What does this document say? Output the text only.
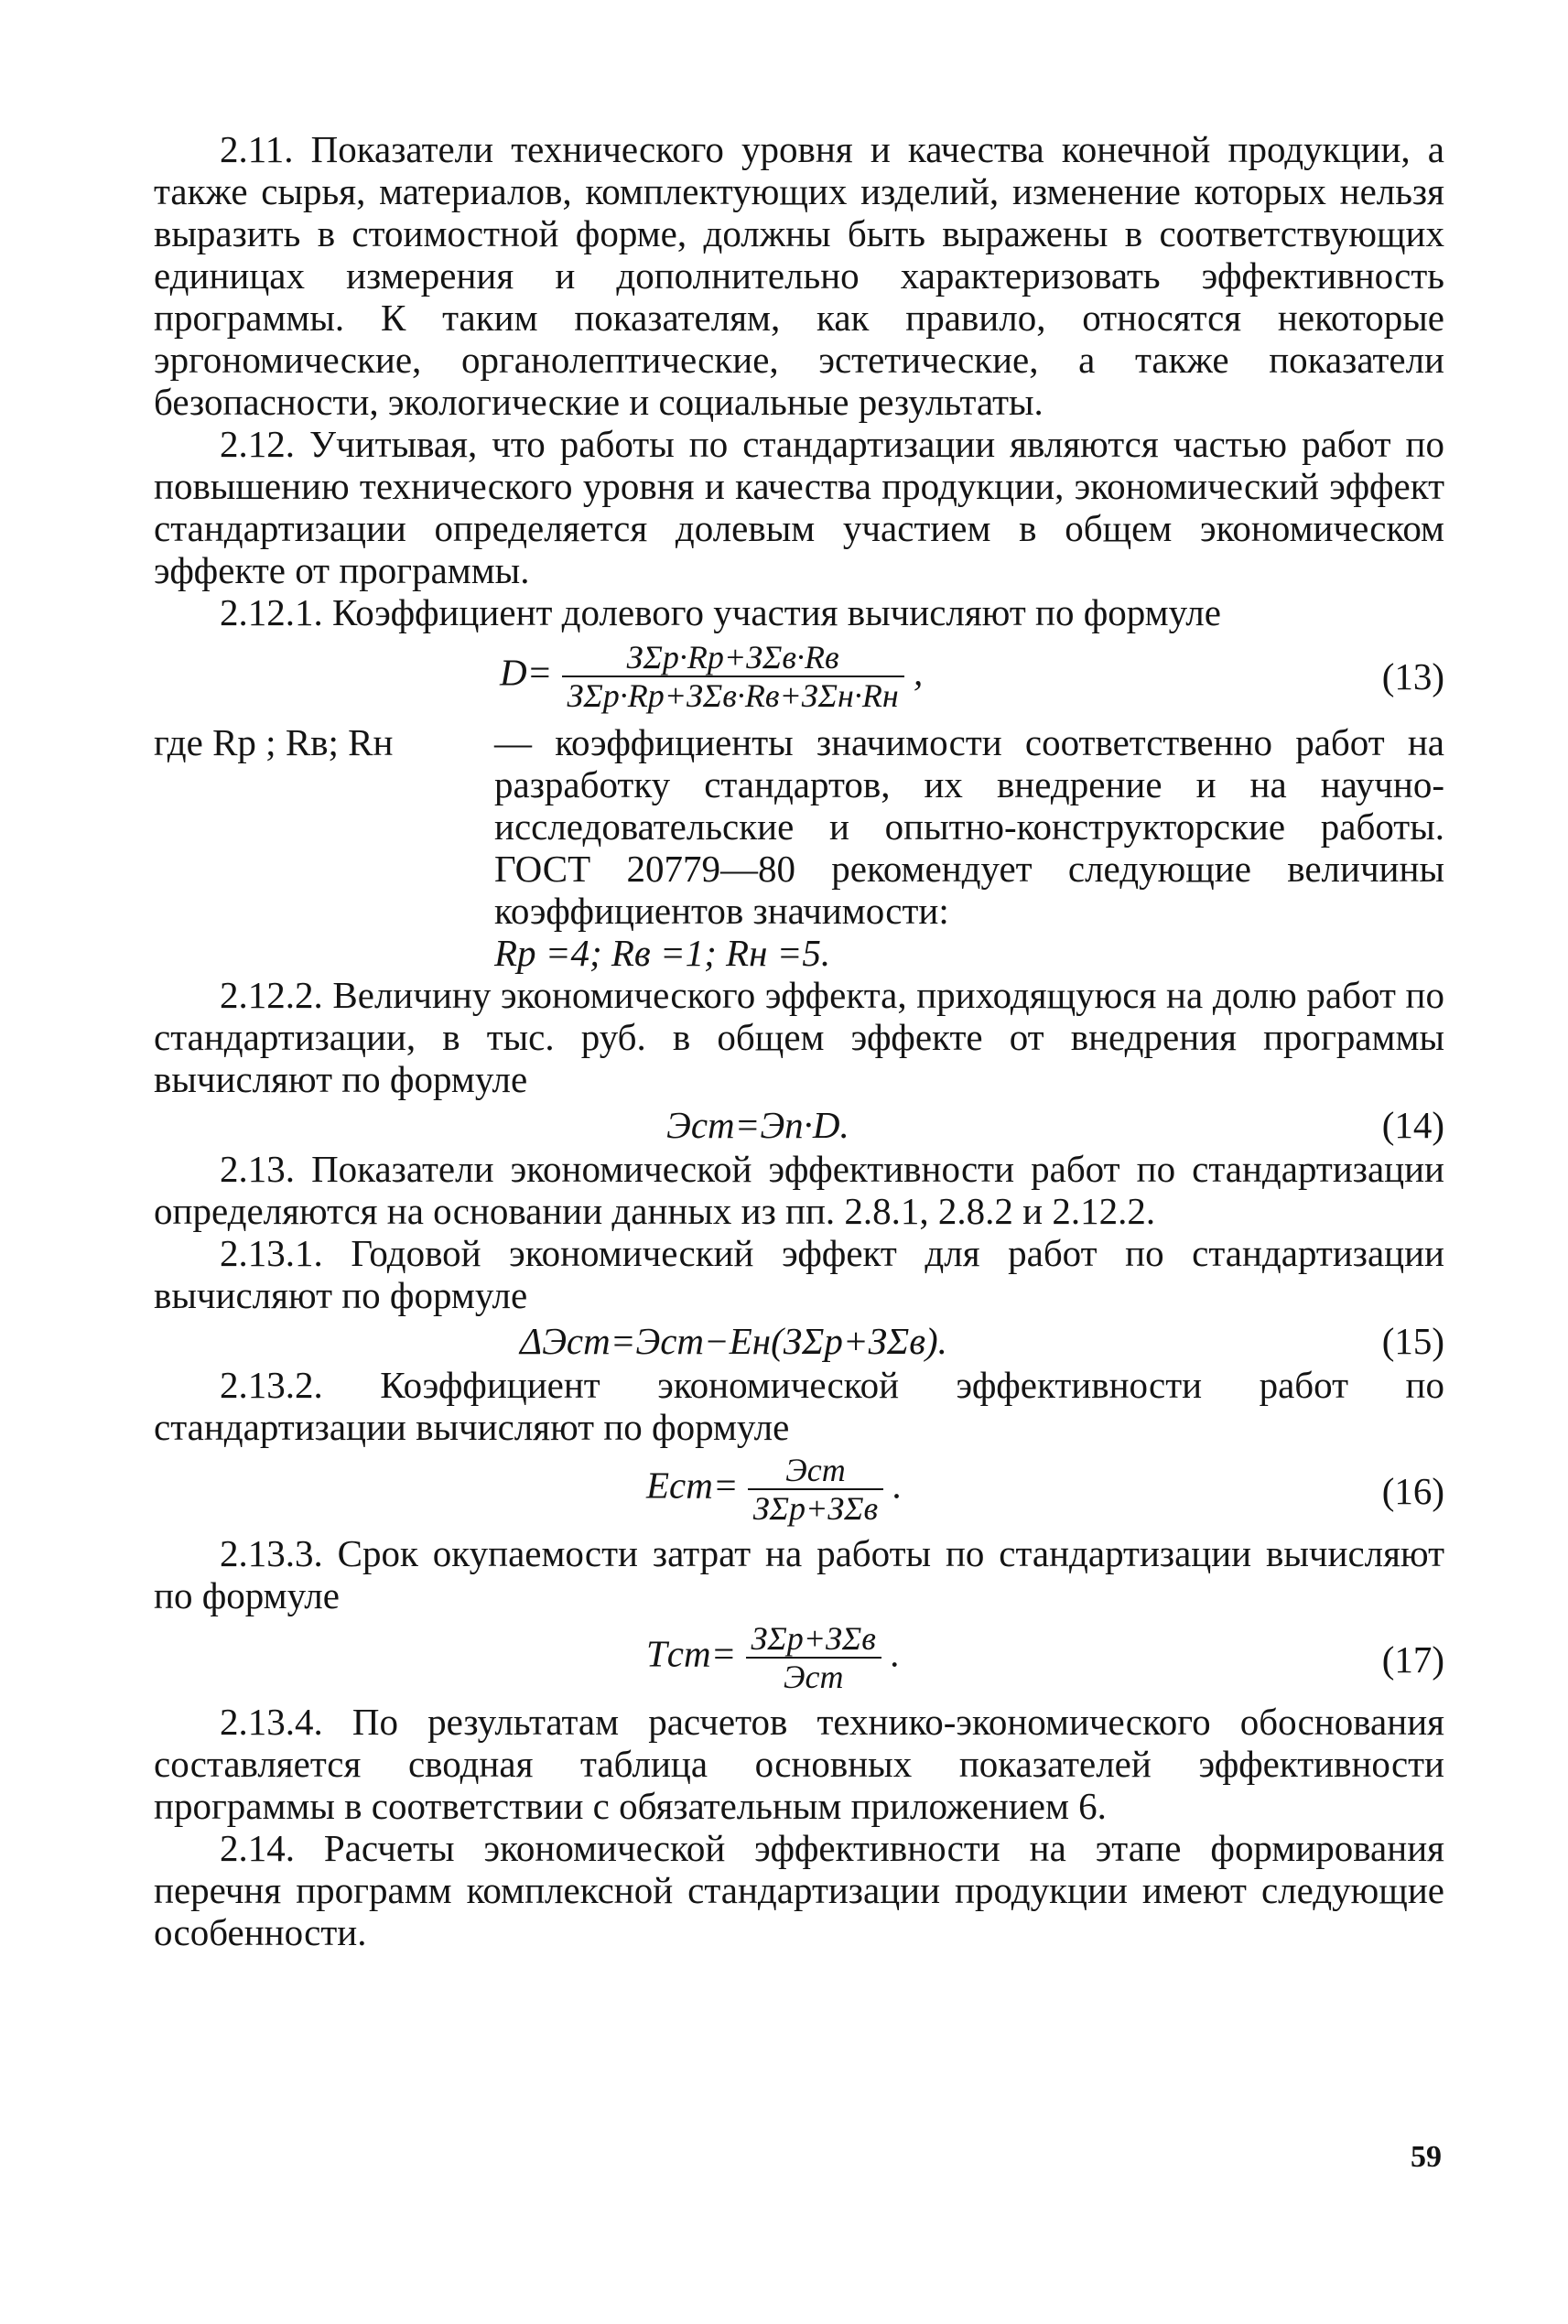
2.11. Показатели технического уровня и качества конечной продукции, а также сырья, материалов, комплектующих изделий, изменение которых нельзя выразить в стоимостной форме, должны быть выражены в соответствующих единицах измерения и дополнительно характеризовать эффективность программы. К таким показателям, как правило, относятся некоторые эргономические, органолептические, эстетические, а также показатели безопасности, экологические и социальные результаты.

2.12. Учитывая, что работы по стандартизации являются частью работ по повышению технического уровня и качества продукции, экономический эффект стандартизации определяется долевым участием в общем экономическом эффекте от программы.

2.12.1. Коэффициент долевого участия вычисляют по формуле

$D= \frac{\text{ЗΣр·Rр+ЗΣв·Rв}}{\text{ЗΣр·Rр+ЗΣв·Rв+ЗΣн·Rн}}$ ,	(13)
где Rр ; Rв; Rн	— коэффициенты значимости соответственно работ на разработку стандартов, их внедрение и на научно-исследовательские и опытно-конструкторские работы. ГОСТ 20779—80 рекомендует следующие величины коэффициентов значимости:
Rр =4; Rв =1; Rн =5.

2.12.2. Величину экономического эффекта, приходящуюся на долю работ по стандартизации, в тыс. руб. в общем эффекте от внедрения программы вычисляют по формуле

Эст=Эп·D.	(14)

2.13. Показатели экономической эффективности работ по стандартизации определяются на основании данных из пп. 2.8.1, 2.8.2 и 2.12.2.

2.13.1. Годовой экономический эффект для работ по стандартизации вычисляют по формуле

ΔЭст=Эст−Eн(ЗΣр+ЗΣв).	(15)

2.13.2. Коэффициент экономической эффективности работ по стандартизации вычисляют по формуле

$Eст= \frac{\text{Эст}}{\text{ЗΣр+ЗΣв}}$ .	(16)

2.13.3. Срок окупаемости затрат на работы по стандартизации вычисляют по формуле

$Tст= \frac{\text{ЗΣр+ЗΣв}}{\text{Эст}}$ .	(17)

2.13.4. По результатам расчетов технико-экономического обоснования составляется сводная таблица основных показателей эффективности программы в соответствии с обязательным приложением 6.

2.14. Расчеты экономической эффективности на этапе формирования перечня программ комплексной стандартизации продукции имеют следующие особенности.

59
